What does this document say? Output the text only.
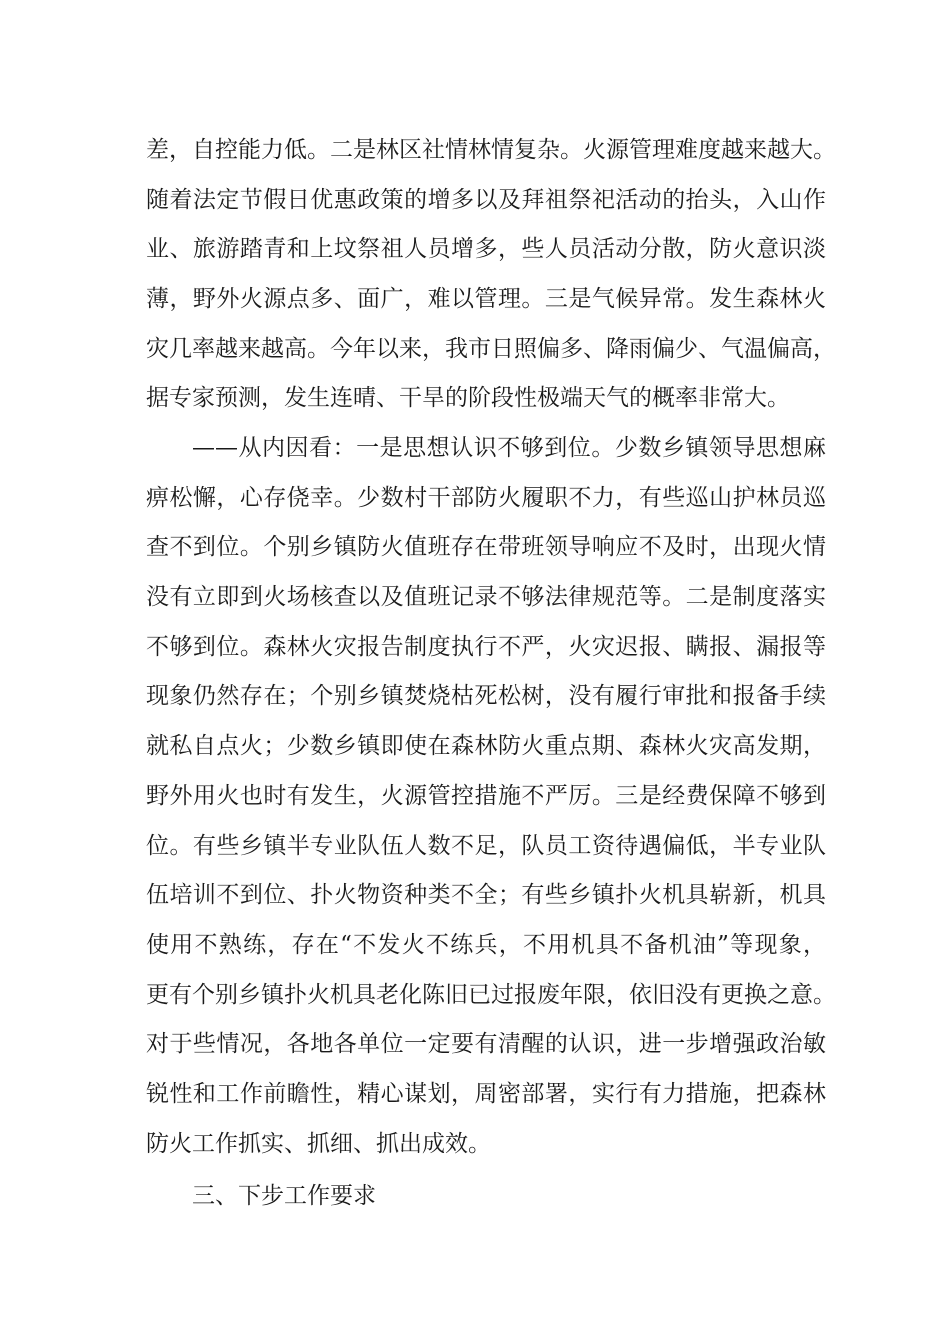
差，自控能力低。二是林区社情林情复杂。火源管理难度越来越大。
随着法定节假日优惠政策的增多以及拜祖祭祀活动的抬头，入山作
业、旅游踏青和上坟祭祖人员增多，些人员活动分散，防火意识淡
薄，野外火源点多、面广，难以管理。三是气候异常。发生森林火
灾几率越来越高。今年以来，我市日照偏多、降雨偏少、气温偏高，
据专家预测，发生连晴、干旱的阶段性极端天气的概率非常大。
——从内因看：一是思想认识不够到位。少数乡镇领导思想麻
痹松懈，心存侥幸。少数村干部防火履职不力，有些巡山护林员巡
查不到位。个别乡镇防火值班存在带班领导响应不及时，出现火情
没有立即到火场核查以及值班记录不够法律规范等。二是制度落实
不够到位。森林火灾报告制度执行不严，火灾迟报、瞒报、漏报等
现象仍然存在；个别乡镇焚烧枯死松树，没有履行审批和报备手续
就私自点火；少数乡镇即使在森林防火重点期、森林火灾高发期，
野外用火也时有发生，火源管控措施不严厉。三是经费保障不够到
位。有些乡镇半专业队伍人数不足，队员工资待遇偏低，半专业队
伍培训不到位、扑火物资种类不全；有些乡镇扑火机具崭新，机具
使用不熟练，存在“不发火不练兵，不用机具不备机油”等现象，
更有个别乡镇扑火机具老化陈旧已过报废年限，依旧没有更换之意。
对于些情况，各地各单位一定要有清醒的认识，进一步增强政治敏
锐性和工作前瞻性，精心谋划，周密部署，实行有力措施，把森林
防火工作抓实、抓细、抓出成效。
三、下步工作要求
